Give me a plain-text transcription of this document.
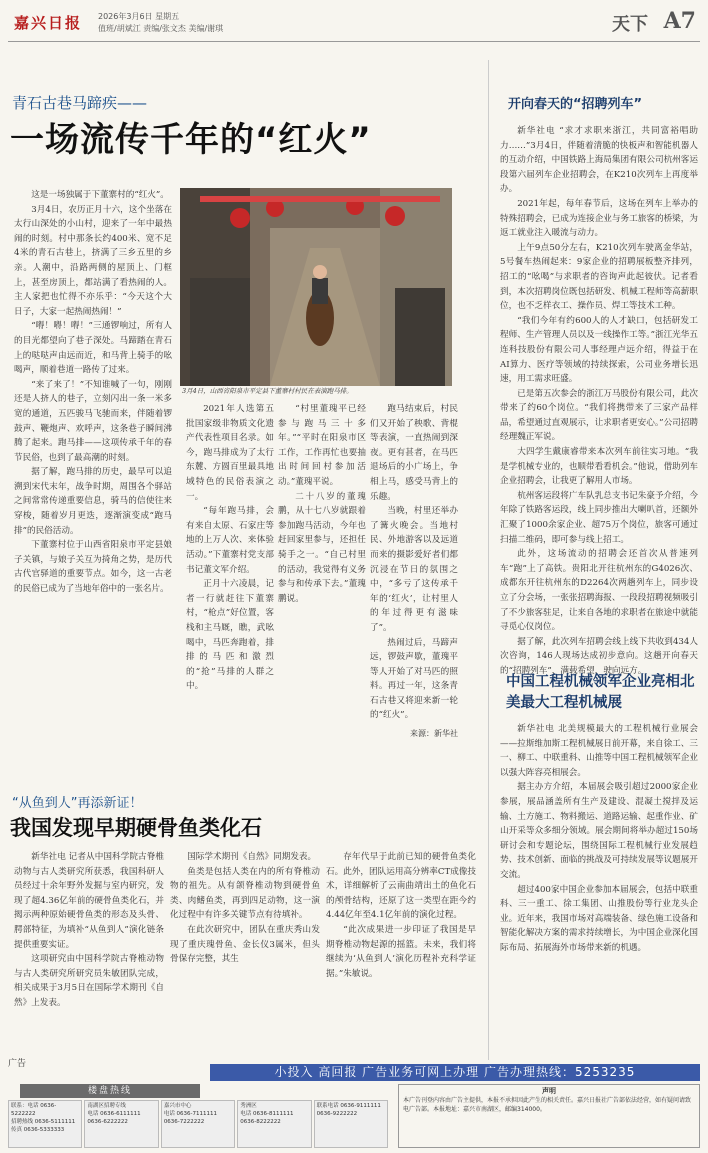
嘉兴日报 2026年3月6日 星期五
值班/胡斌江 责编/张文杰 美编/谢琪	天下 A7
青石古巷马蹄疾——
一场流传千年的“红火”

这是一场独属于下董寨村的“红火”。

3月4日，农历正月十六，这个坐落在太行山深处的小山村，迎来了一年中最热闹的时刻。村中那条长约400米、宽不足4米的青石古巷上，挤满了三乡五里的乡亲。人潮中，沿路两侧的屋顶上、门框上，甚至房顶上，都站满了看热闹的人。主人家把也忙得不亦乐乎：“今天这个大日子，大家一起热闹热闹！”

“嘚！嘚！嘚！”三通锣响过，所有人的目光都望向了巷子深处。马蹄踏在青石上的哒哒声由远而近，和马背上骑手的吆喝声，顺着巷道一路传了过来。

“来了来了！”不知谁喊了一句，刚刚还是人挤人的巷子，立刻闪出一条一米多宽的通道，五匹骏马飞驰而来，伴随着锣鼓声、鞭炮声、欢呼声，这条巷子瞬间沸腾了起来。跑马排——这项传承千年的春节民俗，也到了最高潮的时刻。

据了解，跑马排的历史，最早可以追溯到宋代末年，战争时期，周围各个驿站之间常常传递重要信息，骑马的信使往来穿梭，随着岁月更迭，逐渐演变成“跑马排”的民俗活动。

下董寨村位于山西省阳泉市平定县娘子关镇，与娘子关互为掎角之势，是历代古代官驿道的重要节点。如今，这一古老的民俗已成为了当地年俗中的一张名片。

3月4日，山西省阳泉市平定县下董寨村村民在表演跑马排。

2021年人选第五批国家级非物质文化遗产代表性项目名录。如今，跑马排成为了太行东麓、方圆百里最具地域特色的民俗表演之一。

“每年跑马排，会有来自太原、石家庄等地的上万人次、来体验活动。”下董寨村党支部书记董文军介绍。

正月十六凌晨，记者一行就赶往下董寨村，“枪点”好位置，客栈和主马厩，瞧，武吆喝中，马匹奔跑着，排排的马匹和激烈的“抢”马排的人群之中。

“村里董瑰平已经参与跑马三十多年。”“平时在阳泉市区工作，工作再忙也要抽出时间回村参加活动。”董瑰平说。

二十八岁的董瑰鹏，从十七八岁就跟着参加跑马活动，今年也赶回家里参与，还担任骑手之一。“自己村里的活动，我觉得有义务参与和传承下去。”董瑰鹏说。

跑马结束后，村民们又开始了秧歌、背棍等表演，一直热闹到深夜。更有甚者，在马匹退场后的小广场上，争相上马，感受马背上的乐趣。

当晚，村里还举办了篝火晚会。当地村民、外地游客以及远道而来的摄影爱好者们都沉浸在节日的氛围之中，“多亏了这传承千年的‘红火’，让村里人的年过得更有滋味了”。

热闹过后，马蹄声远，锣鼓声歇，董瑰平等人开始了对马匹的照料。再过一年，这条青石古巷又将迎来新一轮的“红火”。

来源：新华社
“从鱼到人”再添新证！
我国发现早期硬骨鱼类化石

新华社电 记者从中国科学院古脊椎动物与古人类研究所获悉，我国科研人员经过十余年野外发掘与室内研究，发现了超4.36亿年前的硬骨鱼类化石，并揭示两种原始硬骨鱼类的形态及头骨、腭部特征，为填补“从鱼到人”演化链条提供重要实证。

这项研究由中国科学院古脊椎动物与古人类研究所研究员朱敏团队完成，相关成果于3月5日在国际学术期刊《自然》上发表。

国际学术期刊《自然》同期发表。

鱼类是包括人类在内的所有脊椎动物的祖先。从有颌脊椎动物到硬骨鱼类、肉鳍鱼类，再到四足动物，这一演化过程中有许多关键节点有待填补。

在此次研究中，团队在重庆秀山发现了重庆瑰骨鱼、金长仪3属米，但头骨保存完整，其生

存年代早于此前已知的硬骨鱼类化石。此外，团队运用高分辨率CT成像技术，详细解析了云南曲靖出土的鱼化石的颅骨结构，还原了这一类型在距今约4.44亿年至4.1亿年前的演化过程。

“此次成果进一步印证了我国是早期脊椎动物起源的摇篮。未来，我们将继续为‘从鱼到人’演化历程补充科学证据。”朱敏说。

开向春天的“招聘列车”

新华社电 “求才求职来浙江，共同富裕唱助力……”3月4日，伴随着清脆的快板声和智能机器人的互动介绍，中国铁路上海局集团有限公司杭州客运段第六届列车企业招聘会，在K210次列车上再度举办。

2021年起，每年春节后，这场在列车上举办的特殊招聘会，已成为连接企业与务工旅客的桥梁，为返工就业注入暖流与动力。

上午9点50分左右，K210次列车驶离金华站，5号餐车热闹起来：9家企业的招聘展板整齐排列，招工的“吆喝”与求职者的咨询声此起彼伏。记者看到，本次招聘岗位既包括研发、机械工程师等高薪职位，也不乏样衣工、操作员、焊工等技术工种。

“我们今年有约600人的人才缺口，包括研发工程师、生产管理人员以及一线操作工等。”浙江光华五连科技股份有限公司人事经理卢远介绍，得益于在AI算力、医疗等领域的持续探索，公司业务增长迅速，用工需求旺盛。

已是第五次参会的浙江万马股份有限公司，此次带来了约60个岗位。“我们将携带来了三家产品样品，希望通过直观展示，让求职者更安心。”公司招聘经理魏正军说。

大四学生戴康睿带来本次列车前往实习地。“我是学机械专业的，也顺带看看机会。”他说，借助列车企业招聘会，让我更了解用人市场。

杭州客运段将广车队乳总支书记朱豪予介绍，今年除了铁路客运段，线上同步推出大喇叭首，还额外汇聚了1000余家企业、超75万个岗位，旅客可通过扫描二维码，即可参与线上招工。

此外，这场流动的招聘会还首次从普速列车“跑”上了高铁。贵阳北开往杭州东的G4026次、成都东开往杭州东的D2264次两趟列车上，同步设立了分会场，一张张招聘海报、一段段招聘视频吸引了不少旅客驻足，让来自各地的求职者在旅途中就能寻觅心仪岗位。

据了解，此次列车招聘会线上线下共收到434人次咨询，146人现场达成初步意向。这趟开向春天的“招聘列车”，满载希望，驶向远方。

中国工程机械领军企业亮相北美最大工程机械展

新华社电 北美规模最大的工程机械行业展会——拉斯维加斯工程机械展日前开幕，来自徐工、三一、柳工、中联重科、山推等中国工程机械领军企业以强大阵容亮相展会。

据主办方介绍，本届展会吸引超过2000家企业参展，展品涵盖所有生产及建设、混凝土搅拌及运输、土方施工、物料搬运、道路运输、起重作业、矿山开采等众多细分领域。展会期间将举办超过150场研讨会和专题论坛，围绕国际工程机械行业发展趋势、技术创新、面临的挑战及可持续发展等议题展开交流。

超过400家中国企业参加本届展会，包括中联重科、三一重工、徐工集团、山推股份等行业龙头企业。近年来，我国市场对高端装备、绿色施工设备和智能化解决方案的需求持续增长，为中国企业深化国际布局、拓展海外市场带来新的机遇。

广告
小投入 高回报 广告业务可网上办理 广告办理热线：5253235
楼盘热线
联系：电话 0636-5222222
招聘热线 0636-5111111
传真 0636-5333333
南湖区招聘专线
电话 0636-6111111
0636-6222222
嘉兴市中心
电话 0636-7111111
0636-7222222
秀洲区
电话 0636-8111111
0636-8222222
联系电话 0636-9111111
0636-9222222
声明
本广告刊登内容由广告主提供，本报不承担因此产生的相关责任。嘉兴日报社广告部依法经营，如有疑问请致电广告部。本报地址：嘉兴市南湖区，邮编314000。
